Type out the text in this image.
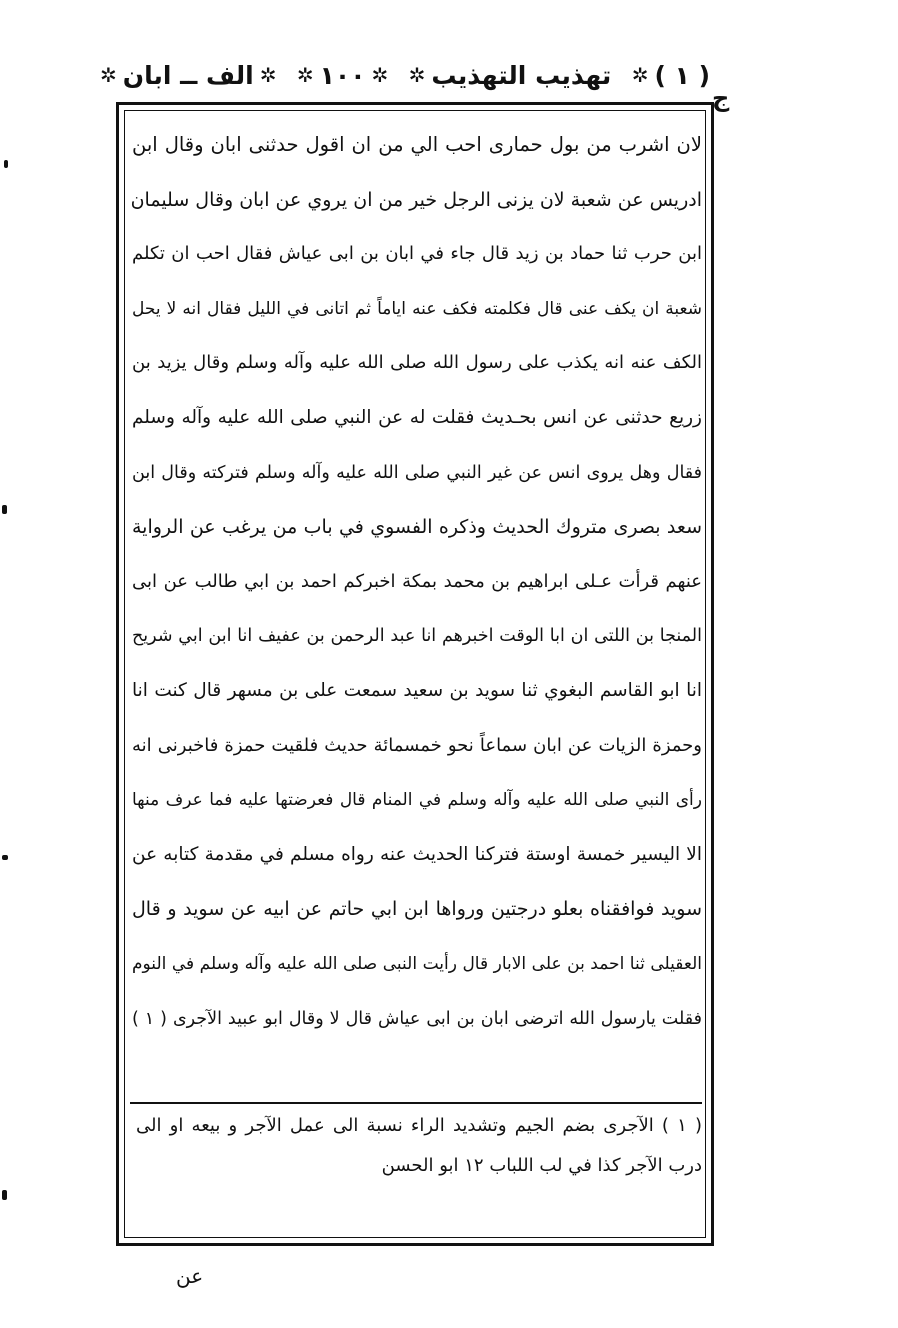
( ۱ )
✲
تهذيب التهذيب
✲
✲
۱۰۰
✲
✲
الف ــ ابان
✲
ج
لان اشرب من بول حمارى احب الي من ان اقول حدثنى ابان وقال ابن
ادريس عن شعبة لان يزنى الرجل خير من ان يروي عن ابان وقال سليمان
ابن حرب ثنا حماد بن زيد قال جاء في ابان بن ابى عياش فقال احب ان تكلم
شعبة ان يكف عنى قال فكلمته فكف عنه اياماً ثم اتانى في الليل فقال انه لا يحل
الكف عنه انه يكذب على رسول الله صلى الله عليه وآله وسلم وقال يزيد بن
زريع حدثنى عن انس بحـديث فقلت له عن النبي صلى الله عليه وآله وسلم
فقال وهل يروى انس عن غير النبي صلى الله عليه وآله وسلم فتركته وقال ابن
سعد بصرى متروك الحديث وذكره الفسوي في باب من يرغب عن الرواية
عنهم قرأت عـلى ابراهيم بن محمد بمكة اخبركم احمد بن ابي طالب عن ابى
المنجا بن اللتى ان ابا الوقت اخبرهم انا عبد الرحمن بن عفيف انا ابن ابي شريح
انا ابو القاسم البغوي ثنا سويد بن سعيد سمعت على بن مسهر قال كنت انا
وحمزة الزيات عن ابان سماعاً نحو خمسمائة حديث فلقيت حمزة فاخبرنى انه
رأى النبي صلى الله عليه وآله وسلم في المنام قال فعرضتها عليه فما عرف منها
الا اليسير خمسة اوستة فتركنا الحديث عنه رواه مسلم في مقدمة كتابه عن
سويد فوافقناه بعلو درجتين ورواها ابن ابي حاتم عن ابيه عن سويد و قال
العقيلى ثنا احمد بن على الابار قال رأيت النبى صلى الله عليه وآله وسلم في النوم
فقلت يارسول الله اترضى ابان بن ابى عياش قال لا وقال ابو عبيد الآجرى ( ۱ )
( ۱ ) الآجرى بضم الجيم وتشديد الراء نسبة الى عمل الآجر و بيعه او الى
درب الآجر كذا في لب اللباب ۱۲ ابو الحسن
عن
